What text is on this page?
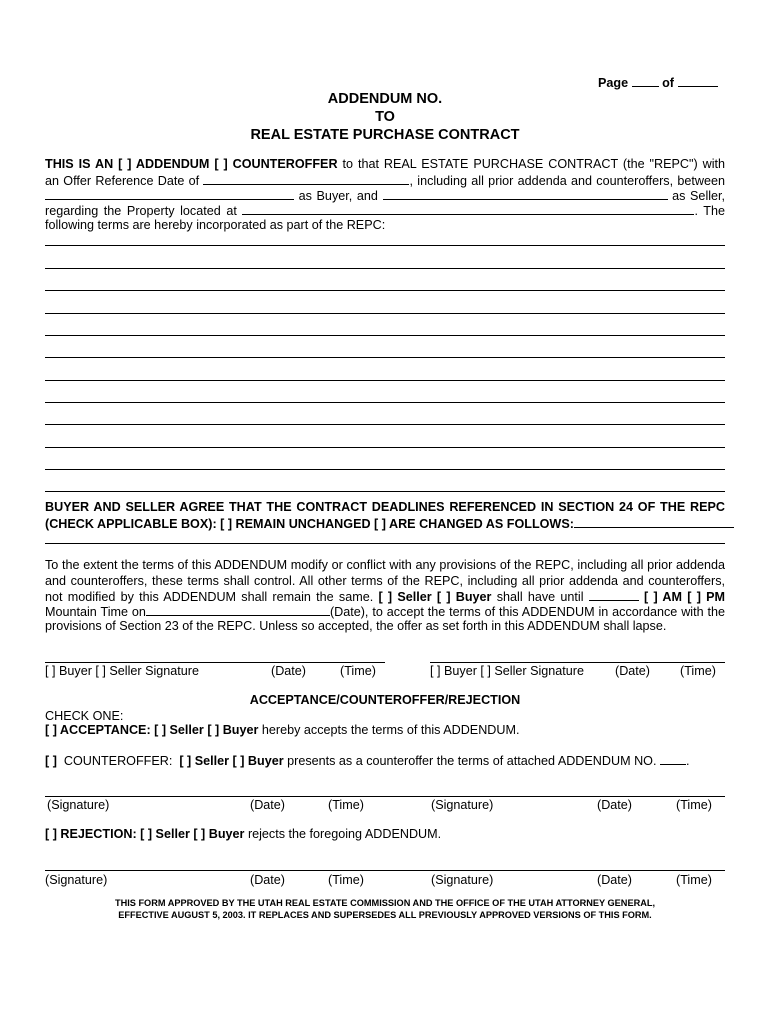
Page	of
ADDENDUM NO.
TO
REAL ESTATE PURCHASE CONTRACT
THIS IS AN [ ] ADDENDUM [ ] COUNTEROFFER to that REAL ESTATE PURCHASE CONTRACT (the "REPC") with
an Offer Reference Date of	, including all prior addenda and counteroffers, between
as Buyer, and	as Seller,
regarding the Property located at	. The
following terms are hereby incorporated as part of the REPC:
BUYER AND SELLER AGREE THAT THE CONTRACT DEADLINES REFERENCED IN SECTION 24 OF THE REPC
(CHECK APPLICABLE BOX): [ ] REMAIN UNCHANGED [ ] ARE CHANGED AS FOLLOWS:
To the extent the terms of this ADDENDUM modify or conflict with any provisions of the REPC, including all prior addenda
and counteroffers, these terms shall control. All other terms of the REPC, including all prior addenda and counteroffers,
not modified by this ADDENDUM shall remain the same. [ ] Seller [ ] Buyer shall have until	[ ] AM [ ] PM
Mountain Time on	(Date), to accept the terms of this ADDENDUM in accordance with the
provisions of Section 23 of the REPC. Unless so accepted, the offer as set forth in this ADDENDUM shall lapse.
[ ] Buyer [ ] Seller Signature	(Date)	(Time)	[ ] Buyer [ ] Seller Signature (Date) (Time)
ACCEPTANCE/COUNTEROFFER/REJECTION
CHECK ONE:
[ ] ACCEPTANCE: [ ] Seller [ ] Buyer hereby accepts the terms of this ADDENDUM.
[ ] COUNTEROFFER: [ ] Seller [ ] Buyer presents as a counteroffer the terms of attached ADDENDUM NO. .
(Signature)	(Date)	(Time)	(Signature)	(Date)	(Time)
[ ] REJECTION: [ ] Seller [ ] Buyer rejects the foregoing ADDENDUM.
(Signature)	(Date)	(Time)	(Signature)	(Date)	(Time)
THIS FORM APPROVED BY THE UTAH REAL ESTATE COMMISSION AND THE OFFICE OF THE UTAH ATTORNEY GENERAL,
EFFECTIVE AUGUST 5, 2003. IT REPLACES AND SUPERSEDES ALL PREVIOUSLY APPROVED VERSIONS OF THIS FORM.
